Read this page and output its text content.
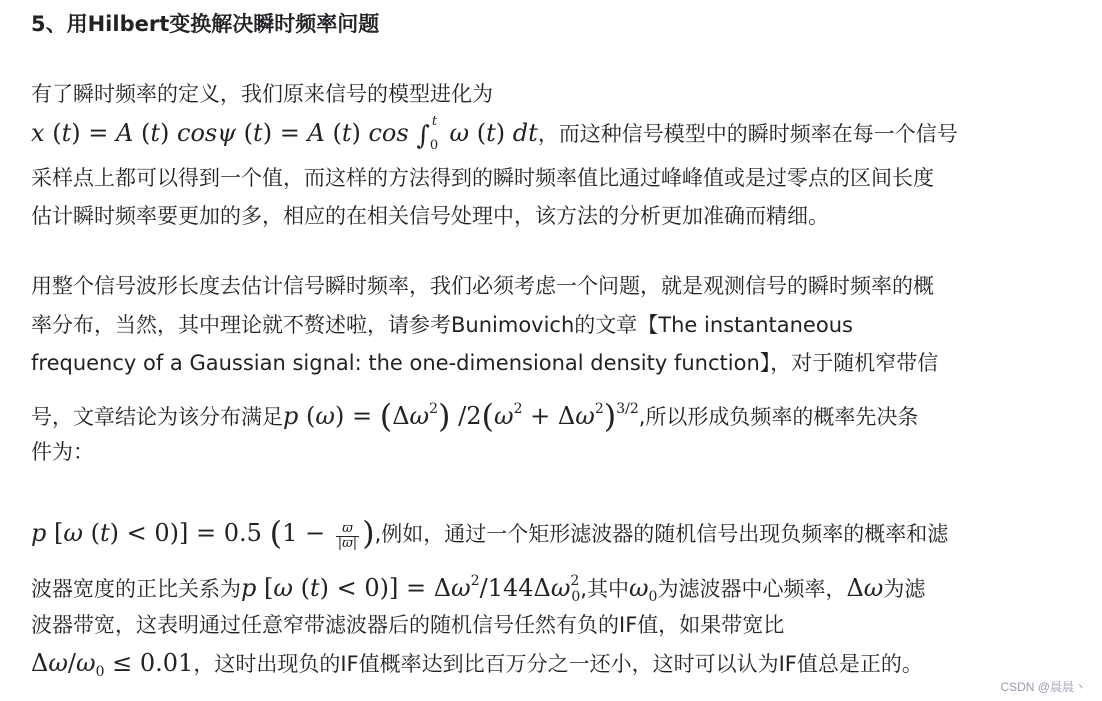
5、用Hilbert变换解决瞬时频率问题
有了瞬时频率的定义，我们原来信号的模型进化为
x (t) = A (t) cosψ (t) = A (t) cos ∫ t
0 ω (t) dt，而这种信号模型中的瞬时频率在每一个信号
采样点上都可以得到一个值，而这样的方法得到的瞬时频率值比通过峰峰值或是过零点的区间长度
估计瞬时频率要更加的多，相应的在相关信号处理中，该方法的分析更加准确而精细。
用整个信号波形长度去估计信号瞬时频率，我们必须考虑一个问题，就是观测信号的瞬时频率的概
率分布，当然，其中理论就不赘述啦，请参考Bunimovich的文章【The instantaneous
frequency of a Gaussian signal: the one-dimensional density function】，对于随机窄带信
号，文章结论为该分布满足p $(\omega) = (\Delta\omega^2) /2(\omega^2 + \Delta\omega^2)^{3/2}$,所以形成负频率的概率先决条
件为：
p [ω (t) < 0)] = 0.5 ($1 - \frac{ϖ}{|ϖ|}$ ),例如，通过一个矩形滤波器的随机信号出现负频率的概率和滤
波器宽度的正比关系为p [ω $(t) < 0)] = \Delta\omega^2/144\Delta\omega^2_0$,其中$\omega_0$为滤波器中心频率，Δω为滤
波器带宽，这表明通过任意窄带滤波器后的随机信号任然有负的IF值，如果带宽比
$\Delta\omega/\omega_0 \le 0.01$，这时出现负的IF值概率达到比百万分之一还小，这时可以认为IF值总是正的。
CSDN @晨晨丶
